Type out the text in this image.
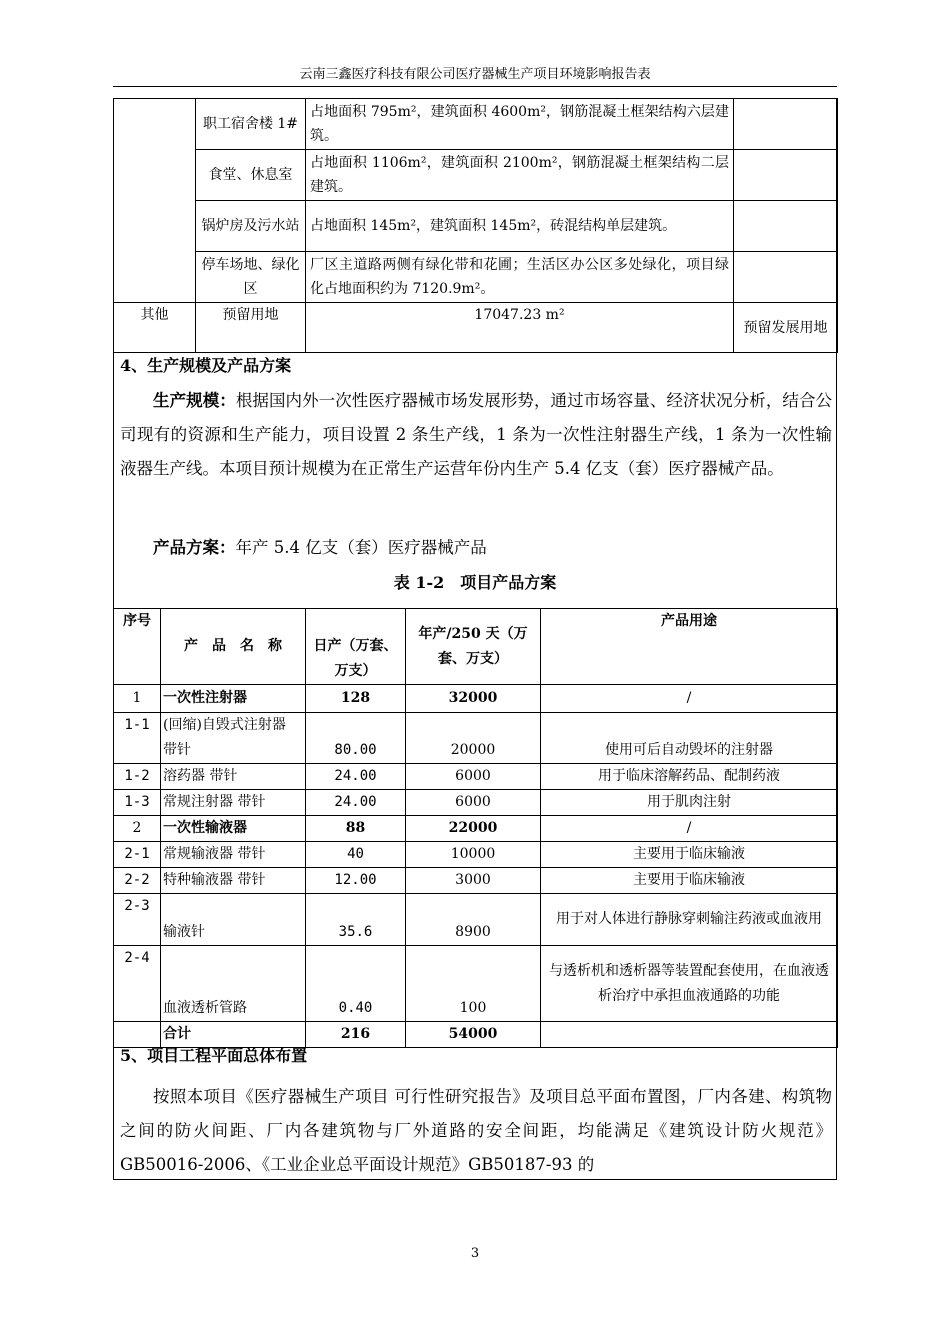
云南三鑫医疗科技有限公司医疗器械生产项目环境影响报告表
	职工宿舍楼 1#	占地面积 795m²，建筑面积 4600m²，钢筋混凝土框架结构六层建筑。	
	食堂、休息室	占地面积 1106m²，建筑面积 2100m²，钢筋混凝土框架结构二层建筑。	
	锅炉房及污水站	占地面积 145m²，建筑面积 145m²，砖混结构单层建筑。	
	停车场地、绿化区	厂区主道路两侧有绿化带和花圃；生活区办公区多处绿化，项目绿化占地面积约为 7120.9m²。	
其他	预留用地	17047.23 m²	预留发展用地
4、生产规模及产品方案
生产规模：根据国内外一次性医疗器械市场发展形势，通过市场容量、经济状况分析，结合公司现有的资源和生产能力，项目设置 2 条生产线，1 条为一次性注射器生产线，1 条为一次性输液器生产线。本项目预计规模为在正常生产运营年份内生产 5.4 亿支（套）医疗器械产品。
产品方案：年产 5.4 亿支（套）医疗器械产品
表 1-2　项目产品方案
序号	产　品　名　称	日产（万套、万支）	年产/250 天（万套、万支）	产品用途
1	一次性注射器	128	32000	/
1-1	(回缩)自毁式注射器 带针	80.00	20000	使用可后自动毁坏的注射器
1-2	溶药器 带针	24.00	6000	用于临床溶解药品、配制药液
1-3	常规注射器 带针	24.00	6000	用于肌肉注射
2	一次性输液器	88	22000	/
2-1	常规输液器 带针	40	10000	主要用于临床输液
2-2	特种输液器 带针	12.00	3000	主要用于临床输液
2-3	输液针	35.6	8900	用于对人体进行静脉穿刺输注药液或血液用
2-4	血液透析管路	0.40	100	与透析机和透析器等装置配套使用，在血液透析治疗中承担血液通路的功能
	合计	216	54000	
5、项目工程平面总体布置
按照本项目《医疗器械生产项目 可行性研究报告》及项目总平面布置图，厂内各建、构筑物之间的防火间距、厂内各建筑物与厂外道路的安全间距，均能满足《建筑设计防火规范》GB50016-2006、《工业企业总平面设计规范》GB50187-93 的
3
